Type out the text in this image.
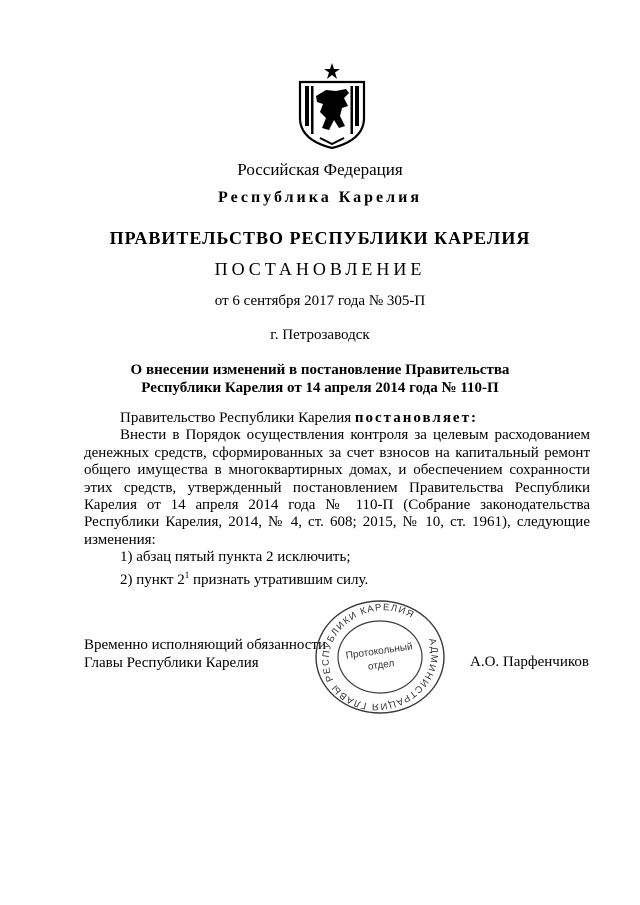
Российская Федерация
Республика Карелия
ПРАВИТЕЛЬСТВО РЕСПУБЛИКИ КАРЕЛИЯ
ПОСТАНОВЛЕНИЕ
от 6 сентября 2017 года № 305-П
г. Петрозаводск
О внесении изменений в постановление Правительства
Республики Карелия от 14 апреля 2014 года № 110-П

Правительство Республики Карелия постановляет:

Внести в Порядок осуществления контроля за целевым расходованием денежных средств, сформированных за счет взносов на капитальный ремонт общего имущества в многоквартирных домах, и обеспечением сохранности этих средств, утвержденный постановлением Правительства Республики Карелия от 14 апреля 2014 года № 110-П (Собрание законодательства Республики Карелия, 2014, № 4, ст. 608; 2015, № 10, ст. 1961), следующие изменения:

1) абзац пятый пункта 2 исключить;

2) пункт $2^1$ признать утратившим силу.

Временно исполняющий обязанности
Главы Республики Карелия	А.О. Парфенчиков
АДМИНИСТРАЦИЯ ГЛАВЫ РЕСПУБЛИКИ КАРЕЛИЯ
Протокольный
отдел
